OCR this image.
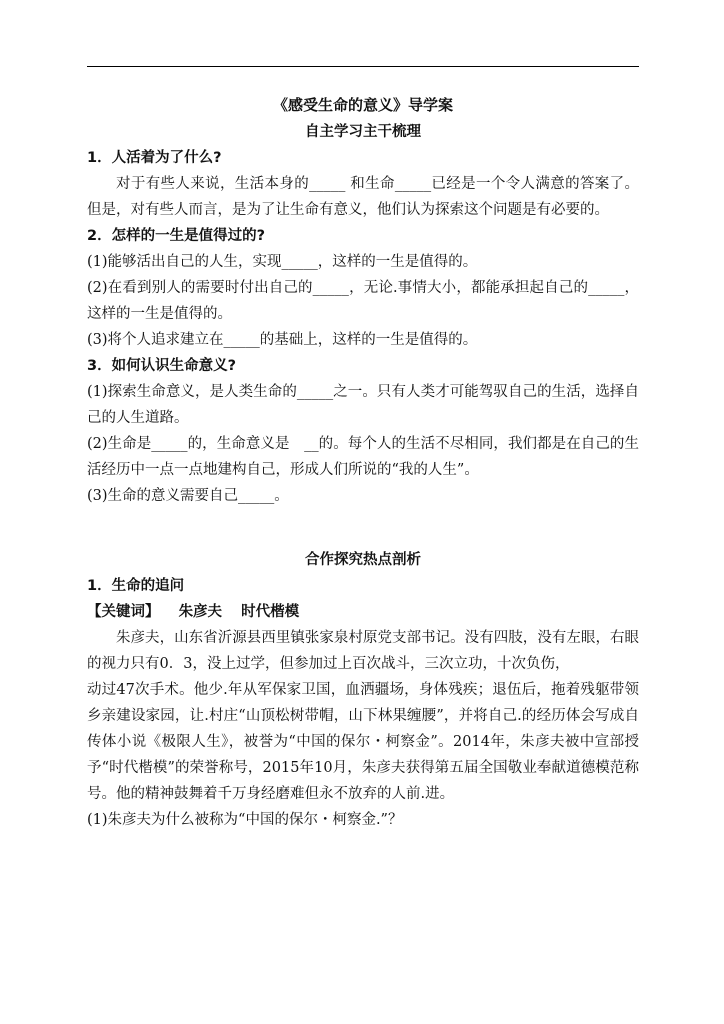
《感受生命的意义》导学案
自主学习主干梳理
1．人活着为了什么?
对于有些人来说，生活本身的_____ 和生命_____已经是一个令人满意的答案了。但是，对有些人而言，是为了让生命有意义，他们认为探索这个问题是有必要的。
2．怎样的一生是值得过的?
(1)能够活出自己的人生，实现_____，这样的一生是值得的。
(2)在看到别人的需要时付出自己的_____，无论.事情大小，都能承担起自己的_____，这样的一生是值得的。
(3)将个人追求建立在_____的基础上，这样的一生是值得的。
3．如何认识生命意义?
(1)探索生命意义，是人类生命的_____之一。只有人类才可能驾驭自己的生活，选择自己的人生道路。
(2)生命是_____的，生命意义是　__的。每个人的生活不尽相同，我们都是在自己的生活经历中一点一点地建构自己，形成人们所说的“我的人生”。
(3)生命的意义需要自己_____。
合作探究热点剖析
1．生命的追问
【关键词】 朱彦夫 时代楷模
朱彦夫，山东省沂源县西里镇张家泉村原党支部书记。没有四肢，没有左眼，右眼的视力只有0．3，没上过学，但参加过上百次战斗，三次立功，十次负伤，
动过47次手术。他少.年从军保家卫国，血洒疆场，身体残疾；退伍后，拖着残躯带领乡亲建设家园，让.村庄“山顶松树带帽，山下林果缠腰”，并将自己.的经历体会写成自传体小说《极限人生》，被誉为“中国的保尔・柯察金”。2014年，朱彦夫被中宣部授予“时代楷模”的荣誉称号，2015年10月，朱彦夫获得第五届全国敬业奉献道德模范称号。他的精神鼓舞着千万身经磨难但永不放弃的人前.进。
(1)朱彦夫为什么被称为“中国的保尔・柯察金.”？
